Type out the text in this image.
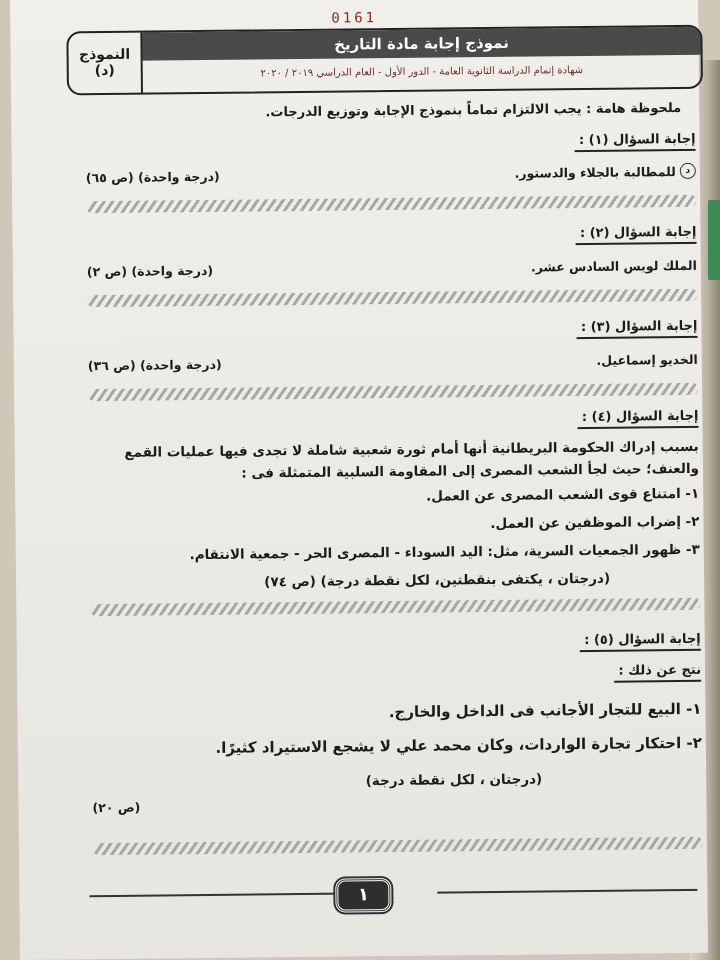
0161
نموذج إجابة مادة التاريخ
شهادة إتمام الدراسة الثانوية العامة - الدور الأول - العام الدراسي ٢٠١٩ / ٢٠٢٠
النموذج
(د)
ملحوظة هامة : يجب الالتزام تماماً بنموذج الإجابة وتوزيع الدرجات.
إجابة السؤال (١) :
د
للمطالبة بالجلاء والدستور.
(درجة واحدة) (ص ٦٥)
إجابة السؤال (٢) :
الملك لويس السادس عشر.
(درجة واحدة) (ص ٢)
إجابة السؤال (٣) :
الخديو إسماعيل.
(درجة واحدة) (ص ٣٦)
إجابة السؤال (٤) :
بسبب إدراك الحكومة البريطانية أنها أمام ثورة شعبية شاملة لا تجدى فيها عمليات القمع والعنف؛ حيث لجأ الشعب المصرى إلى المقاومة السلبية المتمثلة فى :
١- امتناع قوى الشعب المصرى عن العمل.
٢- إضراب الموظفين عن العمل.
٣- ظهور الجمعيات السرية، مثل: اليد السوداء - المصرى الحر - جمعية الانتقام.
(درجتان ، يكتفى بنقطتين، لكل نقطة درجة) (ص ٧٤)
إجابة السؤال (٥) :
نتج عن ذلك :
١- البيع للتجار الأجانب فى الداخل والخارج.
٢- احتكار تجارة الواردات، وكان محمد علي لا يشجع الاستيراد كثيرًا.
(درجتان ، لكل نقطة درجة)
(ص ٢٠)
١
